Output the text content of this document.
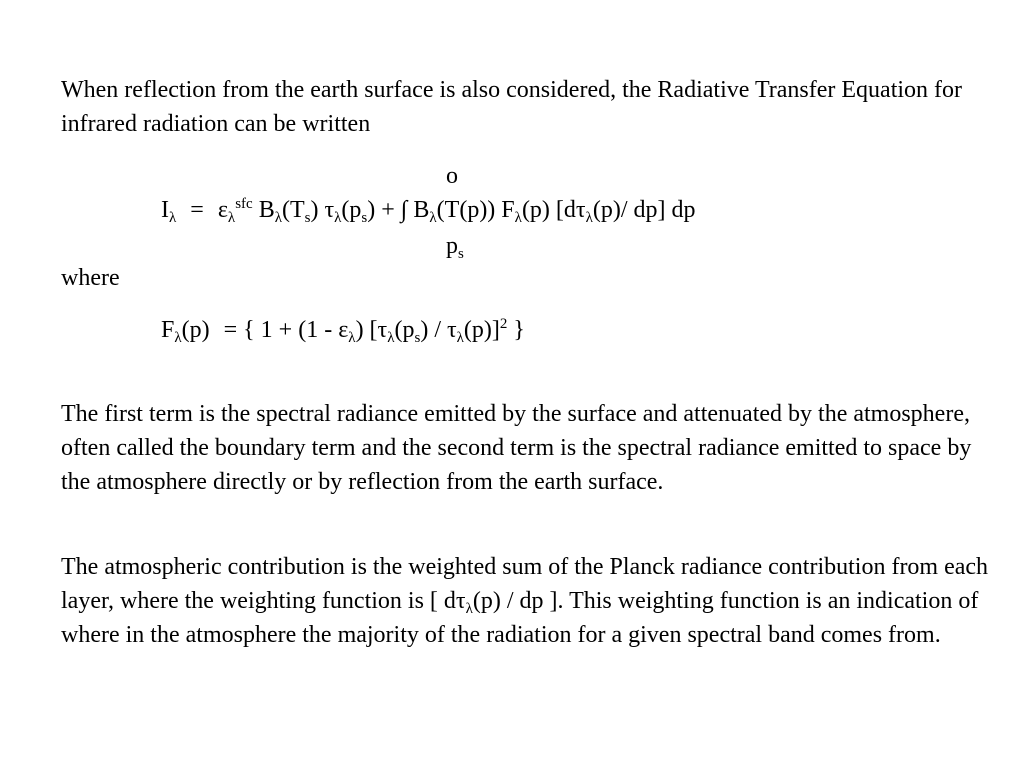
When reflection from the earth surface is also considered, the Radiative Transfer Equation for infrared radiation can be written

o
$I_\lambda = \varepsilon_\lambda^{sfc}$ $B_\lambda(T_s) \tau_\lambda(p_s)$ + ∫ $B_\lambda(T(p))$ $F_\lambda(p)$ [$d\tau_\lambda(p)/$ dp] dp
$p_s$

where

$F_\lambda(p)$ = { $1 + (1 - \varepsilon_\lambda)$ $[\tau_\lambda(p_s) / \tau_\lambda(p)]^2$ }

The first term is the spectral radiance emitted by the surface and attenuated by the atmosphere, often called the boundary term and the second term is the spectral radiance emitted to space by the atmosphere directly or by reflection from the earth surface.

The atmospheric contribution is the weighted sum of the Planck radiance contribution from each layer, where the weighting function is [ $d\tau_\lambda(p)$ / dp ]. This weighting function is an indication of where in the atmosphere the majority of the radiation for a given spectral band comes from.
